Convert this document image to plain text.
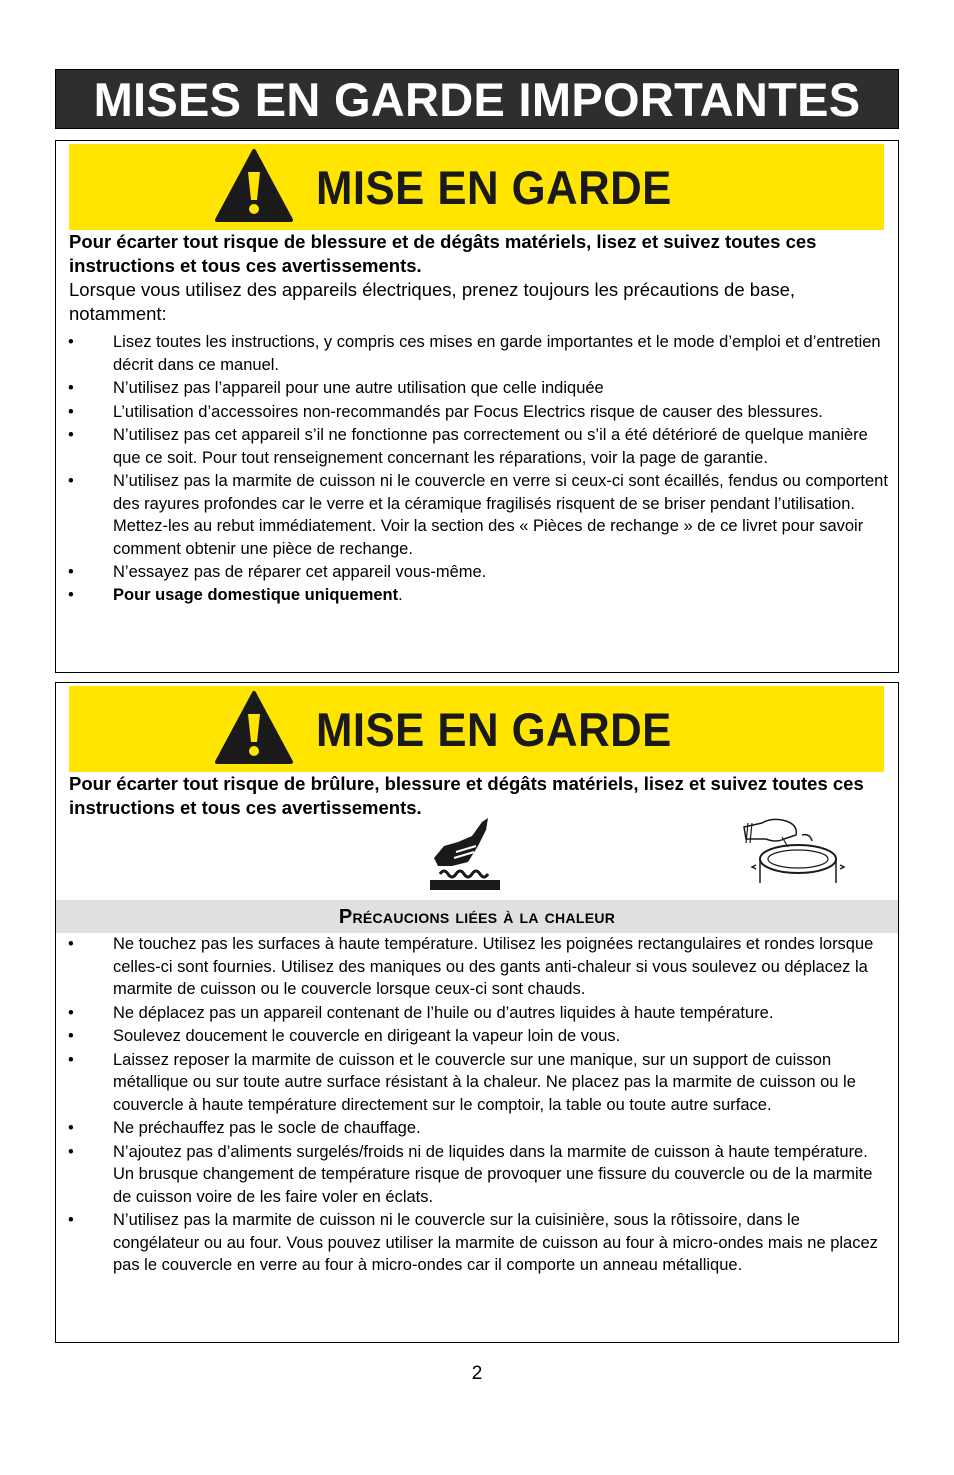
MISES EN GARDE IMPORTANTES
MISE EN GARDE
Pour écarter tout risque de blessure et de dégâts matériels, lisez et suivez toutes ces instructions et tous ces avertissements.
Lorsque vous utilisez des appareils électriques, prenez toujours les précautions de base, notamment:
• Lisez toutes les instructions, y compris ces mises en garde importantes et le mode d’emploi et d’entretien décrit dans ce manuel.
• N’utilisez pas l’appareil pour une autre utilisation que celle indiquée
• L’utilisation d’accessoires non-recommandés par Focus Electrics risque de causer des blessures.
• N’utilisez pas cet appareil s’il ne fonctionne pas correctement ou s’il a été détérioré de quelque manière que ce soit. Pour tout renseignement concernant les réparations, voir la page de garantie.
• N’utilisez pas la marmite de cuisson ni le couvercle en verre si ceux-ci sont écaillés, fendus ou comportent des rayures profondes car le verre et la céramique fragilisés risquent de se briser pendant l’utilisation. Mettez-les au rebut immédiatement. Voir la section des « Pièces de rechange » de ce livret pour savoir comment obtenir une pièce de rechange.
• N’essayez pas de réparer cet appareil vous-même.
• Pour usage domestique uniquement.
MISE EN GARDE
Pour écarter tout risque de brûlure, blessure et dégâts matériels, lisez et suivez toutes ces instructions et tous ces avertissements.
Précaucions liées à la chaleur
• Ne touchez pas les surfaces à haute température. Utilisez les poignées rectangulaires et rondes lorsque celles-ci sont fournies. Utilisez des maniques ou des gants anti-chaleur si vous soulevez ou déplacez la marmite de cuisson ou le couvercle lorsque ceux-ci sont chauds.
• Ne déplacez pas un appareil contenant de l’huile ou d’autres liquides à haute température.
• Soulevez doucement le couvercle en dirigeant la vapeur loin de vous.
• Laissez reposer la marmite de cuisson et le couvercle sur une manique, sur un support de cuisson métallique ou sur toute autre surface résistant à la chaleur. Ne placez pas la marmite de cuisson ou le couvercle à haute température directement sur le comptoir, la table ou toute autre surface.
• Ne préchauffez pas le socle de chauffage.
• N’ajoutez pas d’aliments surgelés/froids ni de liquides dans la marmite de cuisson à haute température. Un brusque changement de température risque de provoquer une fissure du couvercle ou de la marmite de cuisson voire de les faire voler en éclats.
• N’utilisez pas la marmite de cuisson ni le couvercle sur la cuisinière, sous la rôtissoire, dans le congélateur ou au four. Vous pouvez utiliser la marmite de cuisson au four à micro-ondes mais ne placez pas le couvercle en verre au four à micro-ondes car il comporte un anneau métallique.
2
